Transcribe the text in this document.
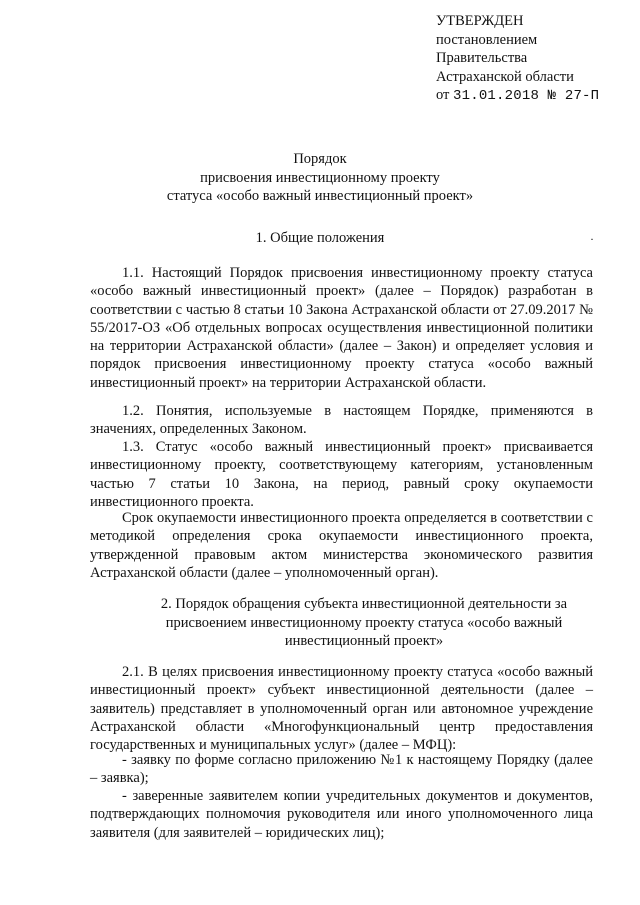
УТВЕРЖДЕН
постановлением
Правительства
Астраханской области
от 31.01.2018 № 27-П
Порядок
присвоения инвестиционному проекту
статуса «особо важный инвестиционный проект»
1. Общие положения	·

1.1. Настоящий Порядок присвоения инвестиционному проекту статуса «особо важный инвестиционный проект» (далее – Порядок) разработан в соответствии с частью 8 статьи 10 Закона Астраханской области от 27.09.2017 № 55/2017-ОЗ «Об отдельных вопросах осуществления инвестиционной политики на территории Астраханской области» (далее – Закон) и определяет условия и порядок присвоения инвестиционному проекту статуса «особо важный инвестиционный проект» на территории Астраханской области.

1.2. Понятия, используемые в настоящем Порядке, применяются в значениях, определенных Законом.

1.3. Статус «особо важный инвестиционный проект» присваивается инвестиционному проекту, соответствующему категориям, установленным частью 7 статьи 10 Закона, на период, равный сроку окупаемости инвестиционного проекта.

Срок окупаемости инвестиционного проекта определяется в соответствии с методикой определения срока окупаемости инвестиционного проекта, утвержденной правовым актом министерства экономического развития Астраханской области (далее – уполномоченный орган).

2. Порядок обращения субъекта инвестиционной деятельности за
присвоением инвестиционному проекту статуса «особо важный
инвестиционный проект»

2.1. В целях присвоения инвестиционному проекту статуса «особо важный инвестиционный проект» субъект инвестиционной деятельности (далее – заявитель) представляет в уполномоченный орган или автономное учреждение Астраханской области «Многофункциональный центр предоставления государственных и муниципальных услуг» (далее – МФЦ):

- заявку по форме согласно приложению №1 к настоящему Порядку (далее – заявка);

- заверенные заявителем копии учредительных документов и документов, подтверждающих полномочия руководителя или иного уполномоченного лица заявителя (для заявителей – юридических лиц);
